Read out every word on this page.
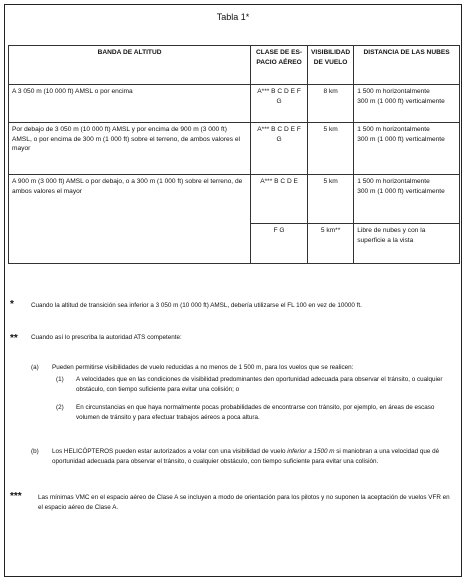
Tabla 1*
BANDA DE ALTITUD	CLASE DE ES- PACIO AÉREO	VISIBILIDAD DE VUELO	DISTANCIA DE LAS NUBES
A 3 050 m (10 000 ft) AMSL o por encima	A*** B C D E F G	8 km	1 500 m horizontalmente
300 m (1 000 ft) verticalmente

Por debajo de 3 050 m (10 000 ft) AMSL y por encima de 900 m (3 000 ft) AMSL, o por encima de 300 m (1 000 ft) sobre el terreno, de ambos valores el mayor	A*** B C D E F G	5 km	1 500 m horizontalmente
300 m (1 000 ft) verticalmente

A 900 m (3 000 ft) AMSL o por debajo, o a 300 m (1 000 ft) sobre el terreno, de ambos valores el mayor	A*** B C D E	5 km	1 500 m horizontalmente
300 m (1 000 ft) verticalmente

	F G	5 km**	Libre de nubes y con la
superficie a la vista
*	Cuando la altitud de transición sea inferior a 3 050 m (10 000 ft) AMSL, debería utilizarse el FL 100 en vez de 10000 ft.
** Cuando así lo prescriba la autoridad ATS competente:
(a) Pueden permitirse visibilidades de vuelo reducidas a no menos de 1 500 m, para los vuelos que se realicen:
(1) A velocidades que en las condiciones de visibilidad predominantes den oportunidad adecuada para observar el tránsito, o cualquier obstáculo, con tiempo suficiente para evitar una colisión; o
(2) En circunstancias en que haya normalmente pocas probabilidades de encontrarse con tránsito, por ejemplo, en áreas de escaso volumen de tránsito y para efectuar trabajos aéreos a poca altura.
(b) Los HELICÓPTEROS pueden estar autorizados a volar con una visibilidad de vuelo inferior a 1500 m si maniobran a una velocidad que dé oportunidad adecuada para observar el tránsito, o cualquier obstáculo, con tiempo suficiente para evitar una colisión.
***	Las mínimas VMC en el espacio aéreo de Clase A se incluyen a modo de orientación para los pilotos y no suponen la aceptación de vuelos VFR en el espacio aéreo de Clase A.
